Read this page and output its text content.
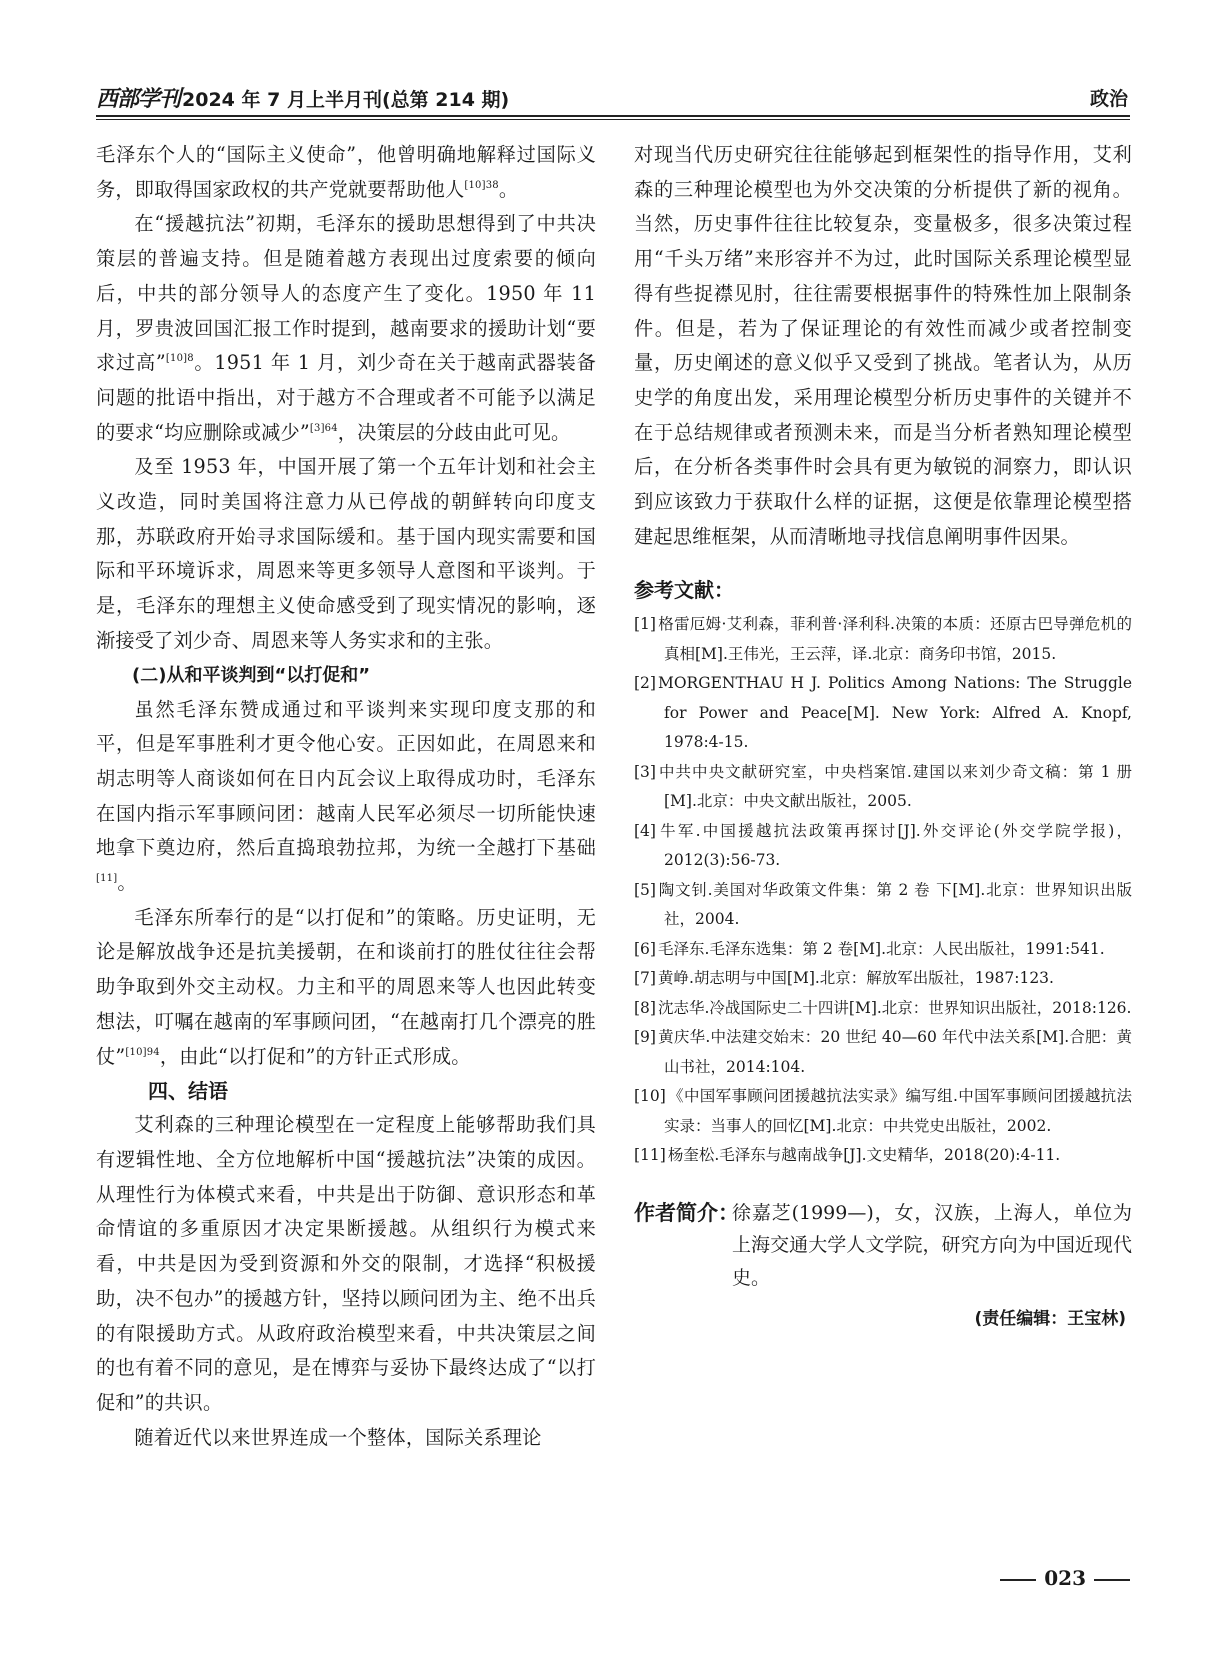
西部学刊 2024 年 7 月上半月刊(总第 214 期)	政治

毛泽东个人的“国际主义使命”，他曾明确地解释过国际义务，即取得国家政权的共产党就要帮助他人$^{[10]38}$。

在“援越抗法”初期，毛泽东的援助思想得到了中共决策层的普遍支持。但是随着越方表现出过度索要的倾向后，中共的部分领导人的态度产生了变化。1950 年 11 月，罗贵波回国汇报工作时提到，越南要求的援助计划“要求过高”$^{[10]8}$。1951 年 1 月，刘少奇在关于越南武器装备问题的批语中指出，对于越方不合理或者不可能予以满足的要求“均应删除或减少”$^{[3]64}$，决策层的分歧由此可见。

及至 1953 年，中国开展了第一个五年计划和社会主义改造，同时美国将注意力从已停战的朝鲜转向印度支那，苏联政府开始寻求国际缓和。基于国内现实需要和国际和平环境诉求，周恩来等更多领导人意图和平谈判。于是，毛泽东的理想主义使命感受到了现实情况的影响，逐渐接受了刘少奇、周恩来等人务实求和的主张。

(二)从和平谈判到“以打促和”

虽然毛泽东赞成通过和平谈判来实现印度支那的和平，但是军事胜利才更令他心安。正因如此，在周恩来和胡志明等人商谈如何在日内瓦会议上取得成功时，毛泽东在国内指示军事顾问团：越南人民军必须尽一切所能快速地拿下奠边府，然后直捣琅勃拉邦，为统一全越打下基础[11]。

毛泽东所奉行的是“以打促和”的策略。历史证明，无论是解放战争还是抗美援朝，在和谈前打的胜仗往往会帮助争取到外交主动权。力主和平的周恩来等人也因此转变想法，叮嘱在越南的军事顾问团，“在越南打几个漂亮的胜仗”$^{[10]94}$，由此“以打促和”的方针正式形成。

四、结语

艾利森的三种理论模型在一定程度上能够帮助我们具有逻辑性地、全方位地解析中国“援越抗法”决策的成因。从理性行为体模式来看，中共是出于防御、意识形态和革命情谊的多重原因才决定果断援越。从组织行为模式来看，中共是因为受到资源和外交的限制，才选择“积极援助，决不包办”的援越方针，坚持以顾问团为主、绝不出兵的有限援助方式。从政府政治模型来看，中共决策层之间的也有着不同的意见，是在博弈与妥协下最终达成了“以打促和”的共识。

随着近代以来世界连成一个整体，国际关系理论

对现当代历史研究往往能够起到框架性的指导作用，艾利森的三种理论模型也为外交决策的分析提供了新的视角。当然，历史事件往往比较复杂，变量极多，很多决策过程用“千头万绪”来形容并不为过，此时国际关系理论模型显得有些捉襟见肘，往往需要根据事件的特殊性加上限制条件。但是，若为了保证理论的有效性而减少或者控制变量，历史阐述的意义似乎又受到了挑战。笔者认为，从历史学的角度出发，采用理论模型分析历史事件的关键并不在于总结规律或者预测未来，而是当分析者熟知理论模型后，在分析各类事件时会具有更为敏锐的洞察力，即认识到应该致力于获取什么样的证据，这便是依靠理论模型搭建起思维框架，从而清晰地寻找信息阐明事件因果。

参考文献：

[1] 格雷厄姆·艾利森，菲利普·泽利科.决策的本质：还原古巴导弹危机的真相[M].王伟光，王云萍，译.北京：商务印书馆，2015.
[2] MORGENTHAU H J. Politics Among Nations: The Struggle for Power and Peace[M]. New York: Alfred A. Knopf, 1978:4-15.
[3] 中共中央文献研究室，中央档案馆.建国以来刘少奇文稿：第 1 册[M].北京：中央文献出版社，2005.
[4] 牛军.中国援越抗法政策再探讨[J].外交评论(外交学院学报)，2012(3):56-73.
[5] 陶文钊.美国对华政策文件集：第 2 卷 下[M].北京：世界知识出版社，2004.
[6] 毛泽东.毛泽东选集：第 2 卷[M].北京：人民出版社，1991:541.
[7] 黄峥.胡志明与中国[M].北京：解放军出版社，1987:123.
[8] 沈志华.冷战国际史二十四讲[M].北京：世界知识出版社，2018:126.
[9] 黄庆华.中法建交始末：20 世纪 40—60 年代中法关系[M].合肥：黄山书社，2014:104.
[10] 《中国军事顾问团援越抗法实录》编写组.中国军事顾问团援越抗法实录：当事人的回忆[M].北京：中共党史出版社，2002.
[11] 杨奎松.毛泽东与越南战争[J].文史精华，2018(20):4-11.
作者简介：

徐嘉芝(1999—)，女，汉族，上海人，单位为上海交通大学人文学院，研究方向为中国近现代史。

(责任编辑：王宝林)
023
